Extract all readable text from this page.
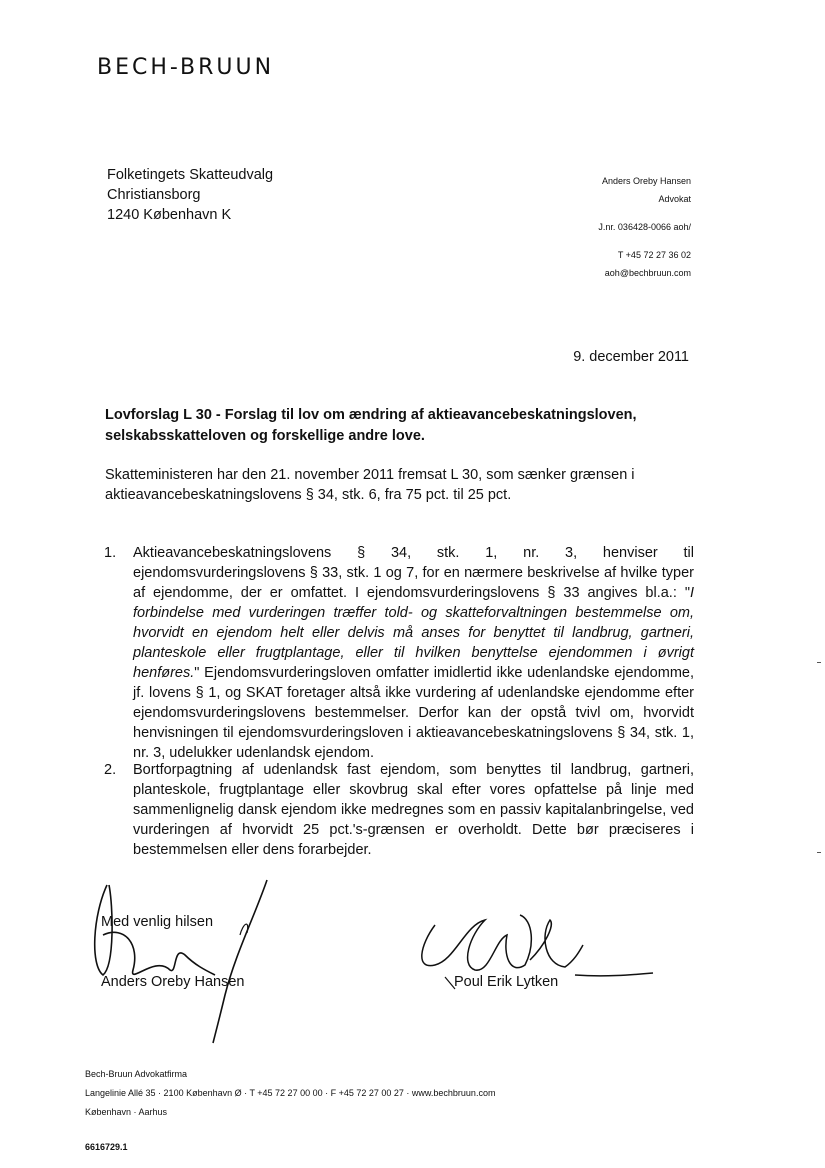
BECH-BRUUN
Folketingets Skatteudvalg
Christiansborg
1240 København K
Anders Oreby Hansen
Advokat
J.nr. 036428-0066 aoh/
T +45 72 27 36 02
aoh@bechbruun.com
9. december 2011
Lovforslag L 30 - Forslag til lov om ændring af aktieavancebeskatningsloven, selskabsskatteloven og forskellige andre love.
Skatteministeren har den 21. november 2011 fremsat L 30, som sænker grænsen i aktieavancebeskatningslovens § 34, stk. 6, fra 75 pct. til 25 pct.
1. Aktieavancebeskatningslovens § 34, stk. 1, nr. 3, henviser til ejendomsvurderingslovens § 33, stk. 1 og 7, for en nærmere beskrivelse af hvilke typer af ejendomme, der er omfattet. I ejendomsvurderingslovens § 33 angives bl.a.: "I forbindelse med vurderingen træffer told- og skatteforvaltningen bestemmelse om, hvorvidt en ejendom helt eller delvis må anses for benyttet til landbrug, gartneri, planteskole eller frugtplantage, eller til hvilken benyttelse ejendommen i øvrigt henføres." Ejendomsvurderingsloven omfatter imidlertid ikke udenlandske ejendomme, jf. lovens § 1, og SKAT foretager altså ikke vurdering af udenlandske ejendomme efter ejendomsvurderingslovens bestemmelser. Derfor kan der opstå tvivl om, hvorvidt henvisningen til ejendomsvurderingsloven i aktieavancebeskatningslovens § 34, stk. 1, nr. 3, udelukker udenlandsk ejendom.
2. Bortforpagtning af udenlandsk fast ejendom, som benyttes til landbrug, gartneri, planteskole, frugtplantage eller skovbrug skal efter vores opfattelse på linje med sammenlignelig dansk ejendom ikke medregnes som en passiv kapitalanbringelse, ved vurderingen af hvorvidt 25 pct.'s-grænsen er overholdt. Dette bør præciseres i bestemmelsen eller dens forarbejder.
Med venlig hilsen
Anders Oreby Hansen	Poul Erik Lytken
Bech-Bruun Advokatfirma
Langelinie Allé 35 · 2100 København Ø · T +45 72 27 00 00 · F +45 72 27 00 27 · www.bechbruun.com
København · Aarhus
6616729.1
